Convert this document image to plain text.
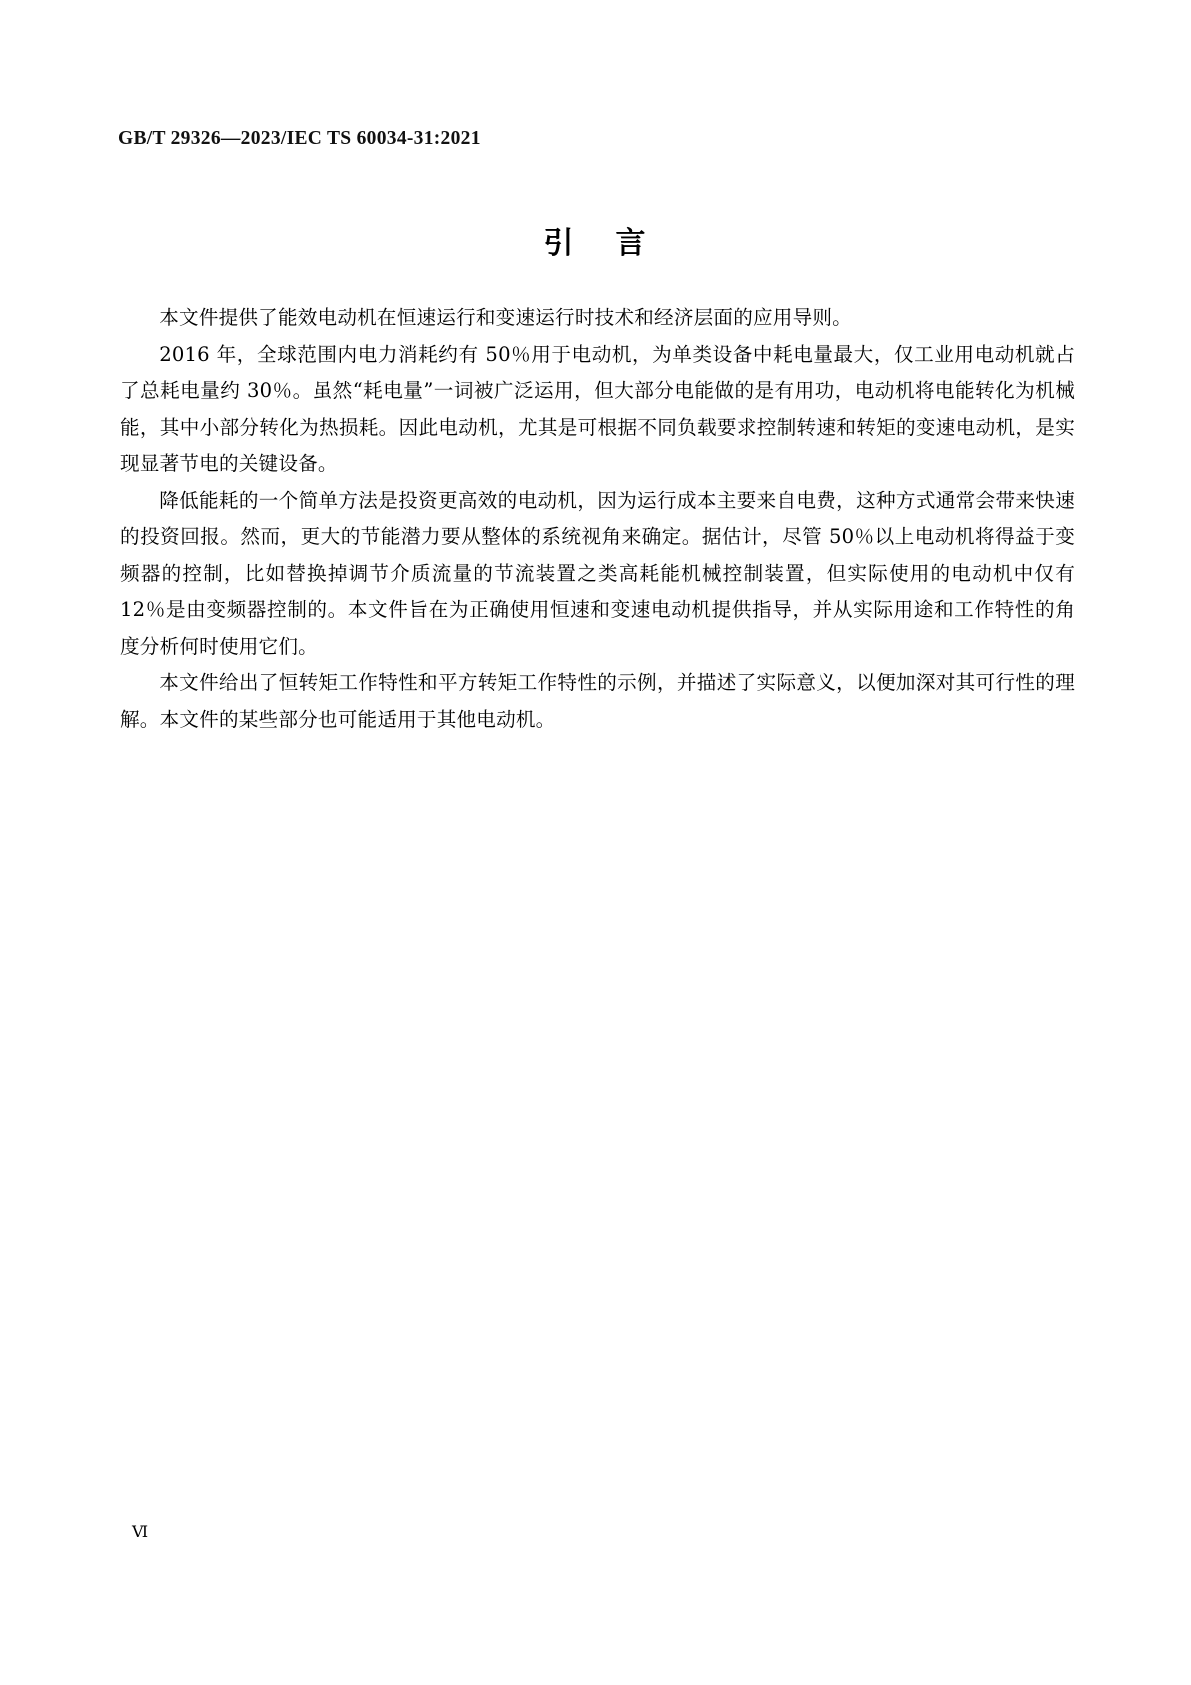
GB/T 29326—2023/IEC TS 60034-31:2021
引 言

本文件提供了能效电动机在恒速运行和变速运行时技术和经济层面的应用导则。

2016 年，全球范围内电力消耗约有 50％用于电动机，为单类设备中耗电量最大，仅工业用电动机就占了总耗电量约 30％。虽然“耗电量”一词被广泛运用，但大部分电能做的是有用功，电动机将电能转化为机械能，其中小部分转化为热损耗。因此电动机，尤其是可根据不同负载要求控制转速和转矩的变速电动机，是实现显著节电的关键设备。

降低能耗的一个简单方法是投资更高效的电动机，因为运行成本主要来自电费，这种方式通常会带来快速的投资回报。然而，更大的节能潜力要从整体的系统视角来确定。据估计，尽管 50％以上电动机将得益于变频器的控制，比如替换掉调节介质流量的节流装置之类高耗能机械控制装置，但实际使用的电动机中仅有 12％是由变频器控制的。本文件旨在为正确使用恒速和变速电动机提供指导，并从实际用途和工作特性的角度分析何时使用它们。

本文件给出了恒转矩工作特性和平方转矩工作特性的示例，并描述了实际意义，以便加深对其可行性的理解。本文件的某些部分也可能适用于其他电动机。

Ⅵ
